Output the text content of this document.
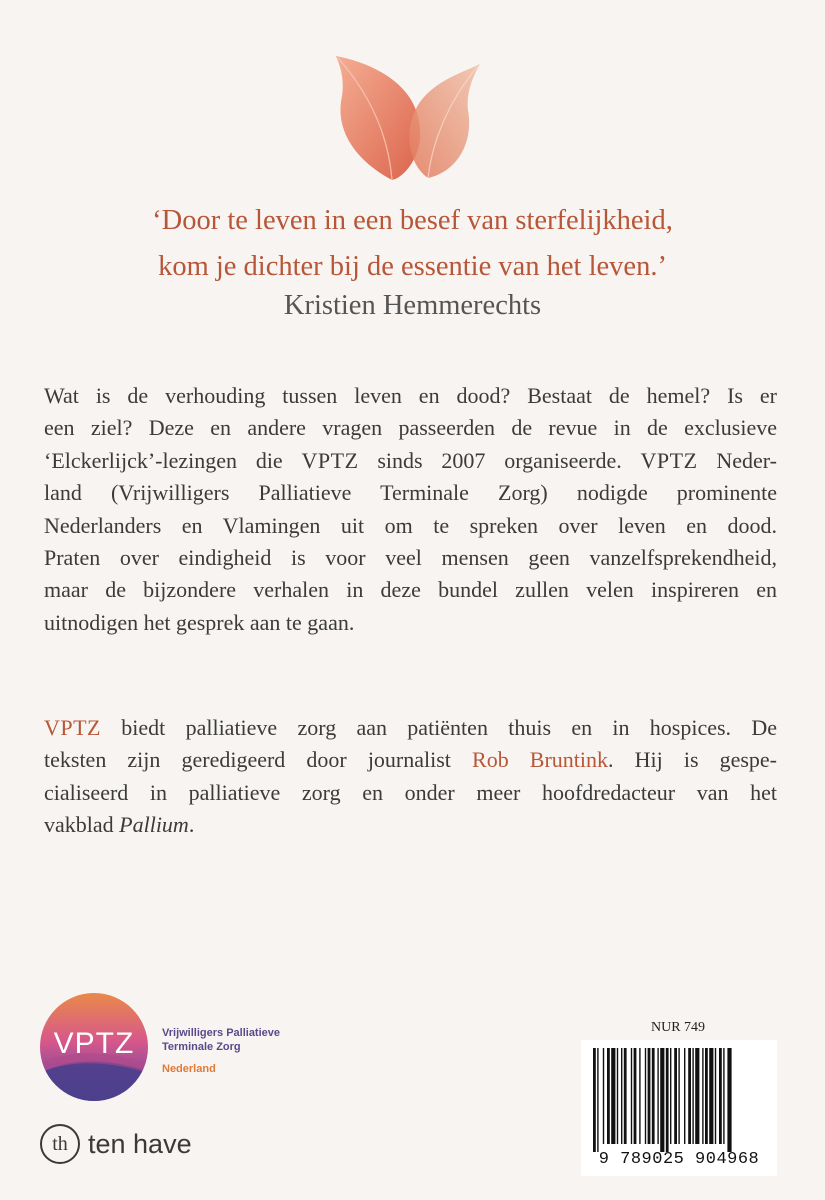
‘Door te leven in een besef van sterfelijkheid,
kom je dichter bij de essentie van het leven.’
Kristien Hemmerechts
Wat is de verhouding tussen leven en dood? Bestaat de hemel? Is er
een ziel? Deze en andere vragen passeerden de revue in de exclusieve
‘Elckerlijck’-lezingen die VPTZ sinds 2007 organiseerde. VPTZ Neder-
land (Vrijwilligers Palliatieve Terminale Zorg) nodigde prominente
Nederlanders en Vlamingen uit om te spreken over leven en dood.
Praten over eindigheid is voor veel mensen geen vanzelfsprekendheid,
maar de bijzondere verhalen in deze bundel zullen velen inspireren en
uitnodigen het gesprek aan te gaan.
VPTZ biedt palliatieve zorg aan patiënten thuis en in hospices. De
teksten zijn geredigeerd door journalist Rob Bruntink. Hij is gespe-
cialiseerd in palliatieve zorg en onder meer hoofdredacteur van het
vakblad Pallium.
VPTZ	Vrijwilligers Palliatieve
Terminale Zorg
Nederland
th ten have
NUR 749
9 789025 904968
